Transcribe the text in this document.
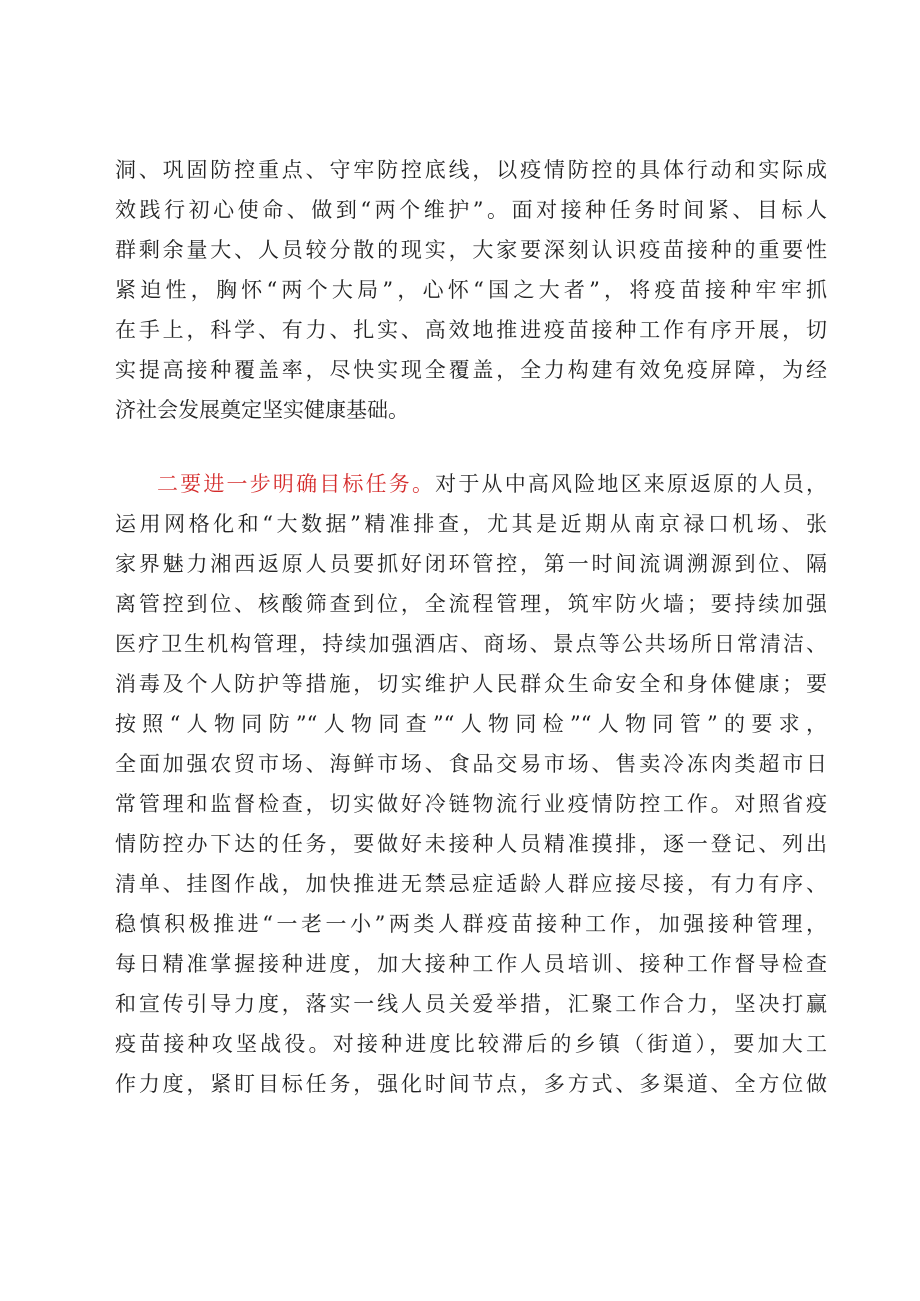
洞、巩固防控重点、守牢防控底线，以疫情防控的具体行动和实际成
效践行初心使命、做到“两个维护”。面对接种任务时间紧、目标人
群剩余量大、人员较分散的现实，大家要深刻认识疫苗接种的重要性
紧迫性，胸怀“两个大局”，心怀“国之大者”，将疫苗接种牢牢抓
在手上，科学、有力、扎实、高效地推进疫苗接种工作有序开展，切
实提高接种覆盖率，尽快实现全覆盖，全力构建有效免疫屏障，为经
济社会发展奠定坚实健康基础。
二要进一步明确目标任务。对于从中高风险地区来原返原的人员，
运用网格化和“大数据”精准排查，尤其是近期从南京禄口机场、张
家界魅力湘西返原人员要抓好闭环管控，第一时间流调溯源到位、隔
离管控到位、核酸筛查到位，全流程管理，筑牢防火墙；要持续加强
医疗卫生机构管理，持续加强酒店、商场、景点等公共场所日常清洁、
消毒及个人防护等措施，切实维护人民群众生命安全和身体健康；要
按照“人物同防”“人物同查”“人物同检”“人物同管”的要求，
全面加强农贸市场、海鲜市场、食品交易市场、售卖冷冻肉类超市日
常管理和监督检查，切实做好冷链物流行业疫情防控工作。对照省疫
情防控办下达的任务，要做好未接种人员精准摸排，逐一登记、列出
清单、挂图作战，加快推进无禁忌症适龄人群应接尽接，有力有序、
稳慎积极推进“一老一小”两类人群疫苗接种工作，加强接种管理，
每日精准掌握接种进度，加大接种工作人员培训、接种工作督导检查
和宣传引导力度，落实一线人员关爱举措，汇聚工作合力，坚决打赢
疫苗接种攻坚战役。对接种进度比较滞后的乡镇（街道），要加大工
作力度，紧盯目标任务，强化时间节点，多方式、多渠道、全方位做
